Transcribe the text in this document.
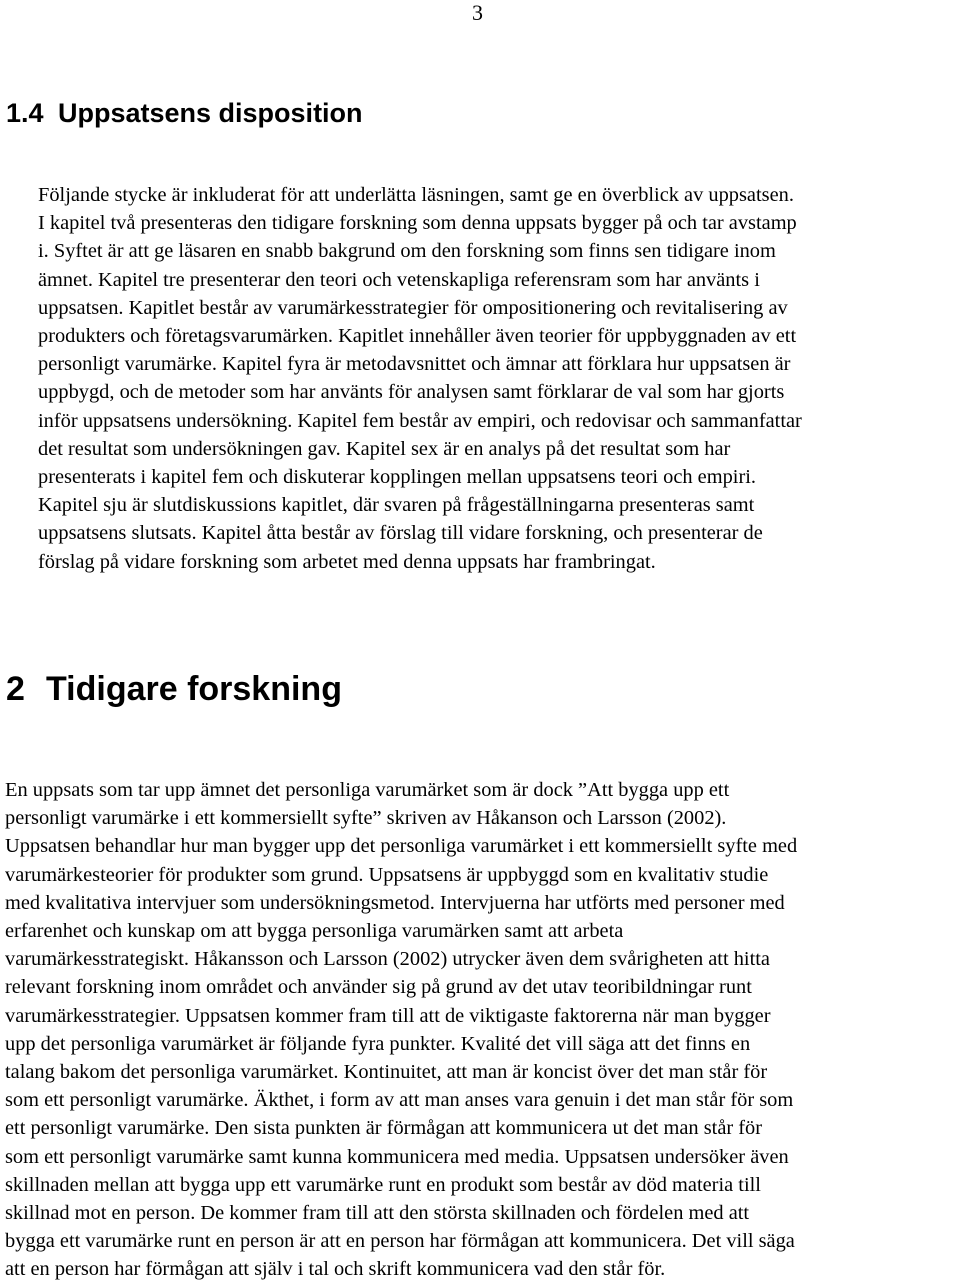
3
1.4 Uppsatsens disposition

Följande stycke är inkluderat för att underlätta läsningen, samt ge en överblick av uppsatsen.
I kapitel två presenteras den tidigare forskning som denna uppsats bygger på och tar avstamp
i. Syftet är att ge läsaren en snabb bakgrund om den forskning som finns sen tidigare inom
ämnet. Kapitel tre presenterar den teori och vetenskapliga referensram som har använts i
uppsatsen. Kapitlet består av varumärkesstrategier för ompositionering och revitalisering av
produkters och företagsvarumärken. Kapitlet innehåller även teorier för uppbyggnaden av ett
personligt varumärke. Kapitel fyra är metodavsnittet och ämnar att förklara hur uppsatsen är
uppbygd, och de metoder som har använts för analysen samt förklarar de val som har gjorts
inför uppsatsens undersökning. Kapitel fem består av empiri, och redovisar och sammanfattar
det resultat som undersökningen gav. Kapitel sex är en analys på det resultat som har
presenterats i kapitel fem och diskuterar kopplingen mellan uppsatsens teori och empiri.
Kapitel sju är slutdiskussions kapitlet, där svaren på frågeställningarna presenteras samt
uppsatsens slutsats. Kapitel åtta består av förslag till vidare forskning, och presenterar de
förslag på vidare forskning som arbetet med denna uppsats har frambringat.

2 Tidigare forskning

En uppsats som tar upp ämnet det personliga varumärket som är dock ”Att bygga upp ett
personligt varumärke i ett kommersiellt syfte” skriven av Håkanson och Larsson (2002).
Uppsatsen behandlar hur man bygger upp det personliga varumärket i ett kommersiellt syfte med
varumärkesteorier för produkter som grund. Uppsatsens är uppbyggd som en kvalitativ studie
med kvalitativa intervjuer som undersökningsmetod. Intervjuerna har utförts med personer med
erfarenhet och kunskap om att bygga personliga varumärken samt att arbeta
varumärkesstrategiskt. Håkansson och Larsson (2002) utrycker även dem svårigheten att hitta
relevant forskning inom området och använder sig på grund av det utav teoribildningar runt
varumärkesstrategier. Uppsatsen kommer fram till att de viktigaste faktorerna när man bygger
upp det personliga varumärket är följande fyra punkter. Kvalité det vill säga att det finns en
talang bakom det personliga varumärket. Kontinuitet, att man är koncist över det man står för
som ett personligt varumärke. Äkthet, i form av att man anses vara genuin i det man står för som
ett personligt varumärke. Den sista punkten är förmågan att kommunicera ut det man står för
som ett personligt varumärke samt kunna kommunicera med media. Uppsatsen undersöker även
skillnaden mellan att bygga upp ett varumärke runt en produkt som består av död materia till
skillnad mot en person. De kommer fram till att den största skillnaden och fördelen med att
bygga ett varumärke runt en person är att en person har förmågan att kommunicera. Det vill säga
att en person har förmågan att själv i tal och skrift kommunicera vad den står för.
